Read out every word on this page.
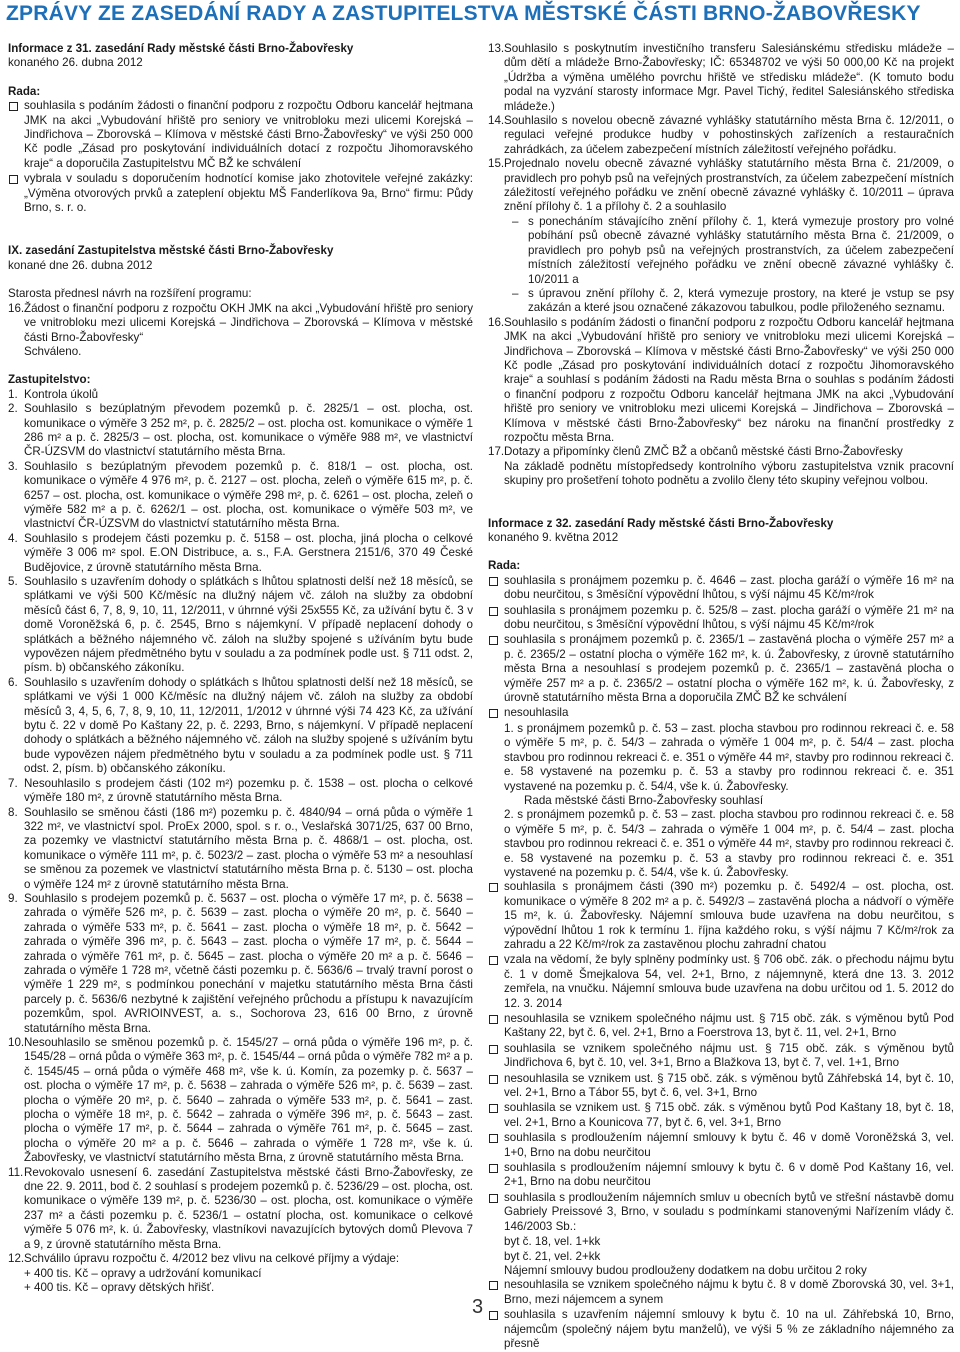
ZPRÁVY ZE ZASEDÁNÍ RADY A ZASTUPITELSTVA MĚSTSKÉ ČÁSTI BRNO-ŽABOVŘESKY

Informace z 31. zasedání Rady městské části Brno-Žabovřesky

konaného 26. dubna 2012

Rada:

souhlasila s podáním žádosti o finanční podporu z rozpočtu Odboru kancelář hejtmana JMK na akci „Vybudování hřiště pro seniory ve vnitrobloku mezi ulicemi Korejská – Jindřichova – Zborovská – Klímova v městské části Brno-Žabovřesky“ ve výši 250 000 Kč podle „Zásad pro poskytování individuálních dotací z rozpočtu Jihomoravského kraje“ a doporučila Zastupitelstvu MČ BŽ ke schválení
vybrala v souladu s doporučením hodnotící komise jako zhotovitele veřejné zakázky: „Výměna otvorových prvků a zateplení objektu MŠ Fanderlíkova 9a, Brno“ firmu: Půdy Brno, s. r. o.

IX. zasedání Zastupitelstva městské části Brno-Žabovřesky

konané dne 26. dubna 2012

Starosta přednesl návrh na rozšíření programu:

16. Žádost o finanční podporu z rozpočtu OKH JMK na akci „Vybudování hřiště pro seniory ve vnitrobloku mezi ulicemi Korejská – Jindřichova – Zborovská – Klímova v městské části Brno-Žabovřesky“

Schváleno.

Zastupitelstvo:

1. Kontrola úkolů
2. Souhlasilo s bezúplatným převodem pozemků p. č. 2825/1 – ost. plocha, ost. komunikace o výměře 3 252 m², p. č. 2825/2 – ost. plocha ost. komunikace o výměře 1 286 m² a p. č. 2825/3 – ost. plocha, ost. komunikace o výměře 988 m², ve vlastnictví ČR-ÚZSVM do vlastnictví statutárního města Brna.
3. Souhlasilo s bezúplatným převodem pozemků p. č. 818/1 – ost. plocha, ost. komunikace o výměře 4 976 m², p. č. 2127 – ost. plocha, zeleň o výměře 615 m², p. č. 6257 – ost. plocha, ost. komunikace o výměře 298 m², p. č. 6261 – ost. plocha, zeleň o výměře 582 m² a p. č. 6262/1 – ost. plocha, ost. komunikace o výměře 503 m², ve vlastnictví ČR-ÚZSVM do vlastnictví statutárního města Brna.
4. Souhlasilo s prodejem části pozemku p. č. 5158 – ost. plocha, jiná plocha o celkové výměře 3 006 m² spol. E.ON Distribuce, a. s., F.A. Gerstnera 2151/6, 370 49 České Budějovice, z úrovně statutárního města Brna.
5. Souhlasilo s uzavřením dohody o splátkách s lhůtou splatnosti delší než 18 měsíců, se splátkami ve výši 500 Kč/měsíc na dlužný nájem vč. záloh na služby za obdobní měsíců část 6, 7, 8, 9, 10, 11, 12/2011, v úhrnné výši 25x555 Kč, za užívání bytu č. 3 v domě Voroněžská 6, p. č. 2545, Brno s nájemkyní. V případě neplacení dohody o splátkách a běžného nájemného vč. záloh na služby spojené s užíváním bytu bude vypovězen nájem předmětného bytu v souladu a za podmínek podle ust. § 711 odst. 2, písm. b) občanského zákoníku.
6. Souhlasilo s uzavřením dohody o splátkách s lhůtou splatnosti delší než 18 měsíců, se splátkami ve výši 1 000 Kč/měsíc na dlužný nájem vč. záloh na služby za období měsíců 3, 4, 5, 6, 7, 8, 9, 10, 11, 12/2011, 1/2012 v úhrnné výši 74 423 Kč, za užívání bytu č. 22 v domě Po Kaštany 22, p. č. 2293, Brno, s nájemkyní. V případě neplacení dohody o splátkách a běžného nájemného vč. záloh na služby spojené s užíváním bytu bude vypovězen nájem předmětného bytu v souladu a za podmínek podle ust. § 711 odst. 2, písm. b) občanského zákoníku.
7. Nesouhlasilo s prodejem části (102 m²) pozemku p. č. 1538 – ost. plocha o celkové výměře 180 m², z úrovně statutárního města Brna.
8. Souhlasilo se směnou části (186 m²) pozemku p. č. 4840/94 – orná půda o výměře 1 322 m², ve vlastnictví spol. ProEx 2000, spol. s r. o., Veslařská 3071/25, 637 00 Brno, za pozemky ve vlastnictví statutárního města Brna p. č. 4868/1 – ost. plocha, ost. komunikace o výměře 111 m², p. č. 5023/2 – zast. plocha o výměře 53 m² a nesouhlasí se směnou za pozemek ve vlastnictví statutárního města Brna p. č. 5130 – ost. plocha o výměře 124 m² z úrovně statutárního města Brna.
9. Souhlasilo s prodejem pozemků p. č. 5637 – ost. plocha o výměře 17 m², p. č. 5638 – zahrada o výměře 526 m², p. č. 5639 – zast. plocha o výměře 20 m², p. č. 5640 – zahrada o výměře 533 m², p. č. 5641 – zast. plocha o výměře 18 m², p. č. 5642 – zahrada o výměře 396 m², p. č. 5643 – zast. plocha o výměře 17 m², p. č. 5644 – zahrada o výměře 761 m², p. č. 5645 – zast. plocha o výměře 20 m² a p. č. 5646 – zahrada o výměře 1 728 m², včetně části pozemku p. č. 5636/6 – trvalý travní porost o výměře 1 229 m², s podmínkou ponechání v majetku statutárního města Brna části parcely p. č. 5636/6 nezbytné k zajištění veřejného průchodu a přístupu k navazujícím pozemkům, spol. AVRIOINVEST, a. s., Sochorova 23, 616 00 Brno, z úrovně statutárního města Brna.
10. Nesouhlasilo se směnou pozemků p. č. 1545/27 – orná půda o výměře 196 m², p. č. 1545/28 – orná půda o výměře 363 m², p. č. 1545/44 – orná půda o výměře 782 m² a p. č. 1545/45 – orná půda o výměře 468 m², vše k. ú. Komín, za pozemky p. č. 5637 – ost. plocha o výměře 17 m², p. č. 5638 – zahrada o výměře 526 m², p. č. 5639 – zast. plocha o výměře 20 m², p. č. 5640 – zahrada o výměře 533 m², p. č. 5641 – zast. plocha o výměře 18 m², p. č. 5642 – zahrada o výměře 396 m², p. č. 5643 – zast. plocha o výměře 17 m², p. č. 5644 – zahrada o výměře 761 m², p. č. 5645 – zast. plocha o výměře 20 m² a p. č. 5646 – zahrada o výměře 1 728 m², vše k. ú. Žabovřesky, ve vlastnictví statutárního města Brna, z úrovně statutárního města Brna.
11. Revokovalo usnesení 6. zasedání Zastupitelstva městské části Brno-Žabovřesky, ze dne 22. 9. 2011, bod č. 2 souhlasí s prodejem pozemků p. č. 5236/29 – ost. plocha, ost. komunikace o výměře 139 m², p. č. 5236/30 – ost. plocha, ost. komunikace o výměře 237 m² a části pozemku p. č. 5236/1 – ostatní plocha, ost. komunikace o celkové výměře 5 076 m², k. ú. Žabovřesky, vlastníkovi navazujících bytových domů Plevova 7 a 9, z úrovně statutárního města Brna.
12. Schválilo úpravu rozpočtu č. 4/2012 bez vlivu na celkové příjmy a výdaje:

+ 400 tis. Kč – opravy a udržování komunikací

+ 400 tis. Kč – opravy dětských hřišť.

13. Souhlasilo s poskytnutím investičního transferu Salesiánskému středisku mládeže – dům dětí a mládeže Brno-Žabovřesky; IČ: 65348702 ve výši 50 000,00 Kč na projekt „Údržba a výměna umělého povrchu hřiště ve středisku mládeže“. (K tomuto bodu podal na vyzvání starosty informace Mgr. Pavel Tichý, ředitel Salesiánského střediska mládeže.)
14. Souhlasilo s novelou obecně závazné vyhlášky statutárního města Brna č. 12/2011, o regulaci veřejné produkce hudby v pohostinských zařízeních a restauračních zahrádkách, za účelem zabezpečení místních záležitostí veřejného pořádku.
15. Projednalo novelu obecně závazné vyhlášky statutárního města Brna č. 21/2009, o pravidlech pro pohyb psů na veřejných prostranstvích, za účelem zabezpečení místních záležitostí veřejného pořádku ve znění obecně závazné vyhlášky č. 10/2011 – úprava znění přílohy č. 1 a přílohy č. 2 a souhlasilo
– s ponecháním stávajícího znění přílohy č. 1, která vymezuje prostory pro volné pobíhání psů obecně závazné vyhlášky statutárního města Brna č. 21/2009, o pravidlech pro pohyb psů na veřejných prostranstvích, za účelem zabezpečení místních záležitostí veřejného pořádku ve znění obecně závazné vyhlášky č. 10/2011 a
– s úpravou znění přílohy č. 2, která vymezuje prostory, na které je vstup se psy zakázán a které jsou označené zákazovou tabulkou, podle přiloženého seznamu.
16. Souhlasilo s podáním žádosti o finanční podporu z rozpočtu Odboru kancelář hejtmana JMK na akci „Vybudování hřiště pro seniory ve vnitrobloku mezi ulicemi Korejská – Jindřichova – Zborovská – Klímova v městské části Brno-Žabovřesky“ ve výši 250 000 Kč podle „Zásad pro poskytování individuálních dotací z rozpočtu Jihomoravského kraje“ a souhlasí s podáním žádosti na Radu města Brna o souhlas s podáním žádosti o finanční podporu z rozpočtu Odboru kancelář hejtmana JMK na akci „Vybudování hřiště pro seniory ve vnitrobloku mezi ulicemi Korejská – Jindřichova – Zborovská – Klímova v městské části Brno-Žabovřesky“ bez nároku na finanční prostředky z rozpočtu města Brna.
17. Dotazy a připomínky členů ZMČ BŽ a občanů městské části Brno-Žabovřesky

Na základě podnětu místopředsedy kontrolního výboru zastupitelstva vznik pracovní skupiny pro prošetření tohoto podnětu a zvolilo členy této skupiny veřejnou volbou.

Informace z 32. zasedání Rady městské části Brno-Žabovřesky

konaného 9. května 2012

Rada:

souhlasila s pronájmem pozemku p. č. 4646 – zast. plocha garáží o výměře 16 m² na dobu neurčitou, s 3měsíční výpovědní lhůtou, s výší nájmu 45 Kč/m²/rok
souhlasila s pronájmem pozemku p. č. 525/8 – zast. plocha garáží o výměře 21 m² na dobu neurčitou, s 3měsíční výpovědní lhůtou, s výší nájmu 45 Kč/m²/rok
souhlasila s pronájmem pozemků p. č. 2365/1 – zastavěná plocha o výměře 257 m² a p. č. 2365/2 – ostatní plocha o výměře 162 m², k. ú. Žabovřesky, z úrovně statutárního města Brna a nesouhlasí s prodejem pozemků p. č. 2365/1 – zastavěná plocha o výměře 257 m² a p. č. 2365/2 – ostatní plocha o výměře 162 m², k. ú. Žabovřesky, z úrovně statutárního města Brna a doporučila ZMČ BŽ ke schválení
nesouhlasila

1. s pronájmem pozemků p. č. 53 – zast. plocha stavbou pro rodinnou rekreaci č. e. 58 o výměře 5 m², p. č. 54/3 – zahrada o výměře 1 004 m², p. č. 54/4 – zast. plocha stavbou pro rodinnou rekreaci č. e. 351 o výměře 44 m², stavby pro rodinnou rekreaci č. e. 58 vystavené na pozemku p. č. 53 a stavby pro rodinnou rekreaci č. e. 351 vystavené na pozemku p. č. 54/4, vše k. ú. Žabovřesky.

Rada městské části Brno-Žabovřesky souhlasí

2. s pronájmem pozemků p. č. 53 – zast. plocha stavbou pro rodinnou rekreaci č. e. 58 o výměře 5 m², p. č. 54/3 – zahrada o výměře 1 004 m², p. č. 54/4 – zast. plocha stavbou pro rodinnou rekreaci č. e. 351 o výměře 44 m², stavby pro rodinnou rekreaci č. e. 58 vystavené na pozemku p. č. 53 a stavby pro rodinnou rekreaci č. e. 351 vystavené na pozemku p. č. 54/4, vše k. ú. Žabovřesky.

souhlasila s pronájmem části (390 m²) pozemku p. č. 5492/4 – ost. plocha, ost. komunikace o výměře 8 202 m² a p. č. 5492/3 – zastavěná plocha a nádvoří o výměře 15 m², k. ú. Žabovřesky. Nájemní smlouva bude uzavřena na dobu neurčitou, s výpovědní lhůtou 1 rok k termínu 1. října každého roku, s výší nájmu 7 Kč/m²/rok za zahradu a 22 Kč/m²/rok za zastavěnou plochu zahradní chatou
vzala na vědomí, že byly splněny podmínky ust. § 706 obč. zák. o přechodu nájmu bytu č. 1 v domě Šmejkalova 54, vel. 2+1, Brno, z nájemnyně, která dne 13. 3. 2012 zemřela, na vnučku. Nájemní smlouva bude uzavřena na dobu určitou od 1. 5. 2012 do 12. 3. 2014
nesouhlasila se vznikem společného nájmu ust. § 715 obč. zák. s výměnou bytů Pod Kaštany 22, byt č. 6, vel. 2+1, Brno a Foerstrova 13, byt č. 11, vel. 2+1, Brno
souhlasila se vznikem společného nájmu ust. § 715 obč. zák. s výměnou bytů Jindřichova 6, byt č. 10, vel. 3+1, Brno a Blažkova 13, byt č. 7, vel. 1+1, Brno
nesouhlasila se vznikem ust. § 715 obč. zák. s výměnou bytů Záhřebská 14, byt č. 10, vel. 2+1, Brno a Tábor 55, byt č. 6, vel. 3+1, Brno
souhlasila se vznikem ust. § 715 obč. zák. s výměnou bytů Pod Kaštany 18, byt č. 18, vel. 2+1, Brno a Kounicova 77, byt č. 6, vel. 3+1, Brno
souhlasila s prodloužením nájemní smlouvy k bytu č. 46 v domě Voroněžská 3, vel. 1+0, Brno na dobu neurčitou
souhlasila s prodloužením nájemní smlouvy k bytu č. 6 v domě Pod Kaštany 16, vel. 2+1, Brno na dobu neurčitou
souhlasila s prodloužením nájemních smluv u obecních bytů ve střešní nástavbě domu Gabriely Preissové 3, Brno, v souladu s podmínkami stanovenými Nařízením vlády č. 146/2003 Sb.:

byt č. 18, vel. 1+kk

byt č. 21, vel. 2+kk

Nájemní smlouvy budou prodlouženy dodatkem na dobu určitou 2 roky

nesouhlasila se vznikem společného nájmu k bytu č. 8 v domě Zborovská 30, vel. 3+1, Brno, mezi nájemcem a synem
souhlasila s uzavřením nájemní smlouvy k bytu č. 10 na ul. Záhřebská 10, Brno, nájemcům (společný nájem bytu manželů), ve výši 5 % ze základního nájemného za přesně
3
